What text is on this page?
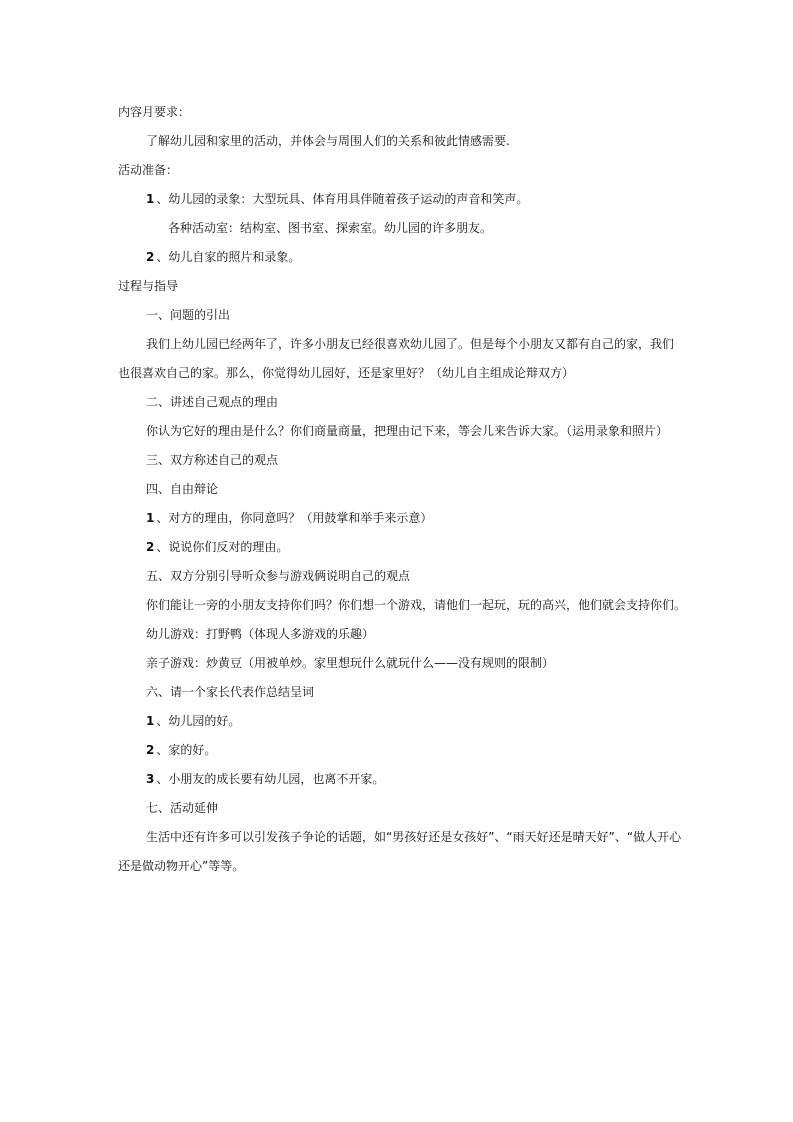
内容月要求：
了解幼儿园和家里的活动，并体会与周围人们的关系和彼此情感需要.
活动准备：
1 、幼儿园的录象：大型玩具、体育用具伴随着孩子运动的声音和笑声。
各种活动室：结构室、图书室、探索室。幼儿园的许多朋友。
2 、幼儿自家的照片和录象。
过程与指导
一、问题的引出
我们上幼儿园已经两年了，许多小朋友已经很喜欢幼儿园了。但是每个小朋友又都有自己的家，我们
也很喜欢自己的家。那么，你觉得幼儿园好，还是家里好？（幼儿自主组成论辩双方）
二、讲述自己观点的理由
你认为它好的理由是什么？你们商量商量，把理由记下来，等会儿来告诉大家。（运用录象和照片）
三、双方称述自己的观点
四、自由辩论
1 、对方的理由，你同意吗？（用鼓掌和举手来示意）
2 、说说你们反对的理由。
五、双方分别引导听众参与游戏俩说明自己的观点
你们能让一旁的小朋友支持你们吗？你们想一个游戏，请他们一起玩，玩的高兴，他们就会支持你们。
幼儿游戏：打野鸭（体现人多游戏的乐趣）
亲子游戏：炒黄豆（用被单炒。家里想玩什么就玩什么——没有规则的限制）
六、请一个家长代表作总结呈词
1 、幼儿园的好。
2 、家的好。
3 、小朋友的成长要有幼儿园，也离不开家。
七、活动延伸
生活中还有许多可以引发孩子争论的话题，如“男孩好还是女孩好”、“雨天好还是晴天好”、“做人开心
还是做动物开心”等等。
